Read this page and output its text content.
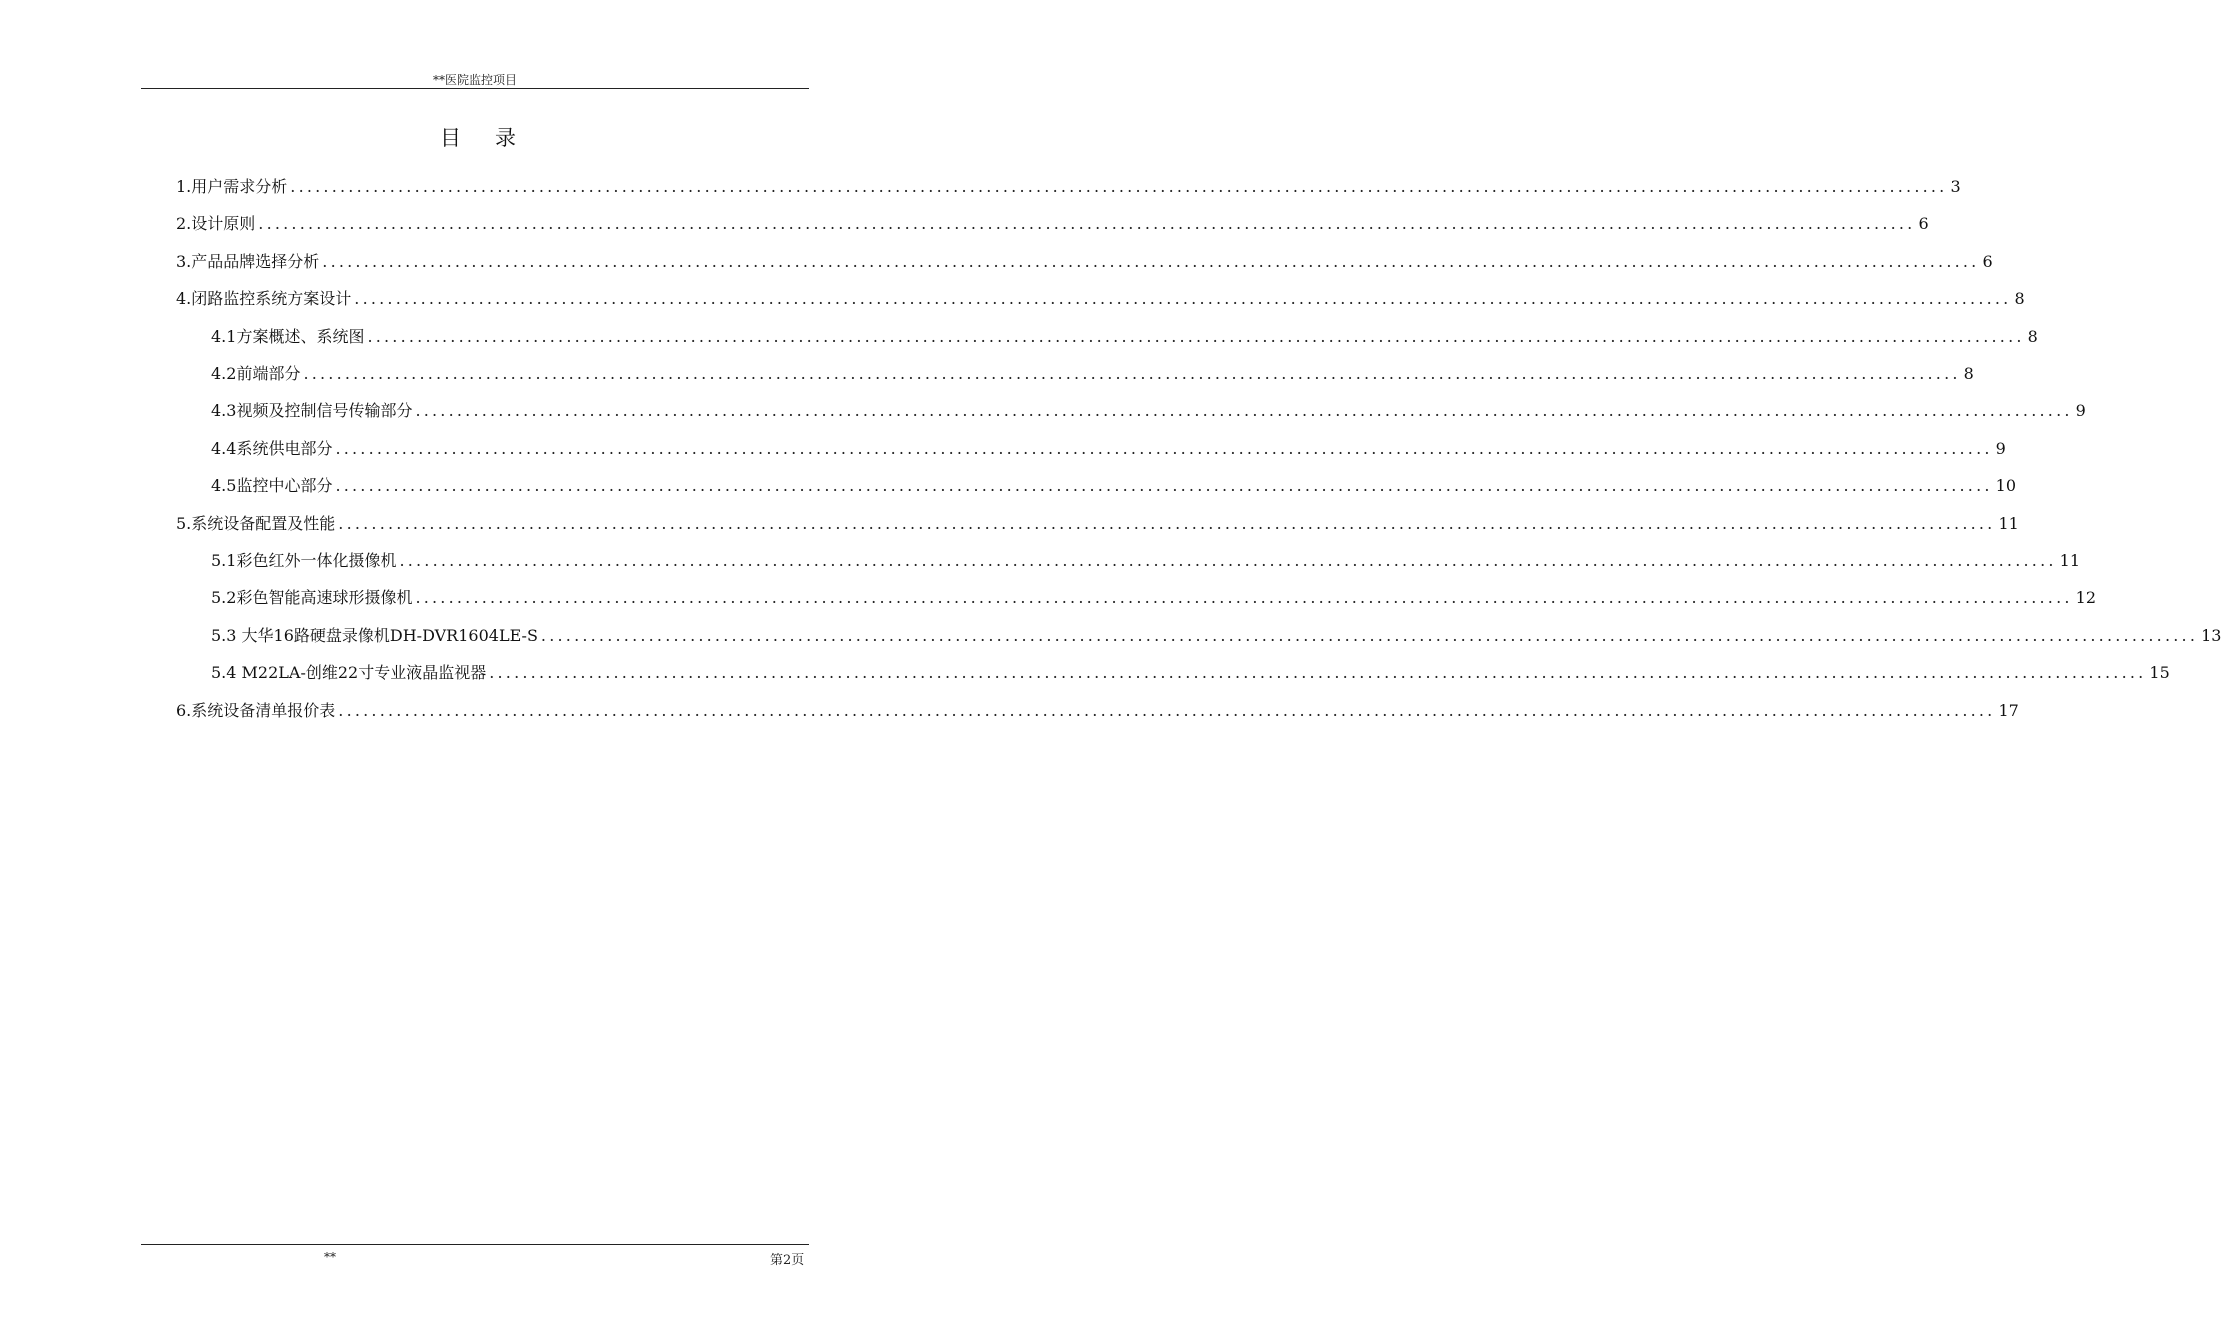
**医院监控项目
目录
1.用户需求分析 ........................................................................................................................................................................................................ 3
2.设计原则 ........................................................................................................................................................................................................ 6
3.产品品牌选择分析 ........................................................................................................................................................................................................ 6
4.闭路监控系统方案设计 ........................................................................................................................................................................................................ 8
4.1方案概述、系统图 ........................................................................................................................................................................................................ 8
4.2前端部分 ........................................................................................................................................................................................................ 8
4.3视频及控制信号传输部分 ........................................................................................................................................................................................................ 9
4.4系统供电部分 ........................................................................................................................................................................................................ 9
4.5监控中心部分 ........................................................................................................................................................................................................ 10
5.系统设备配置及性能 ........................................................................................................................................................................................................ 11
5.1彩色红外一体化摄像机 ........................................................................................................................................................................................................ 11
5.2彩色智能高速球形摄像机 ........................................................................................................................................................................................................ 12
5.3 大华16路硬盘录像机DH-DVR1604LE-S ........................................................................................................................................................................................................ 13
5.4 M22LA-创维22寸专业液晶监视器 ........................................................................................................................................................................................................ 15
6.系统设备清单报价表 ........................................................................................................................................................................................................ 17
**	第2页
